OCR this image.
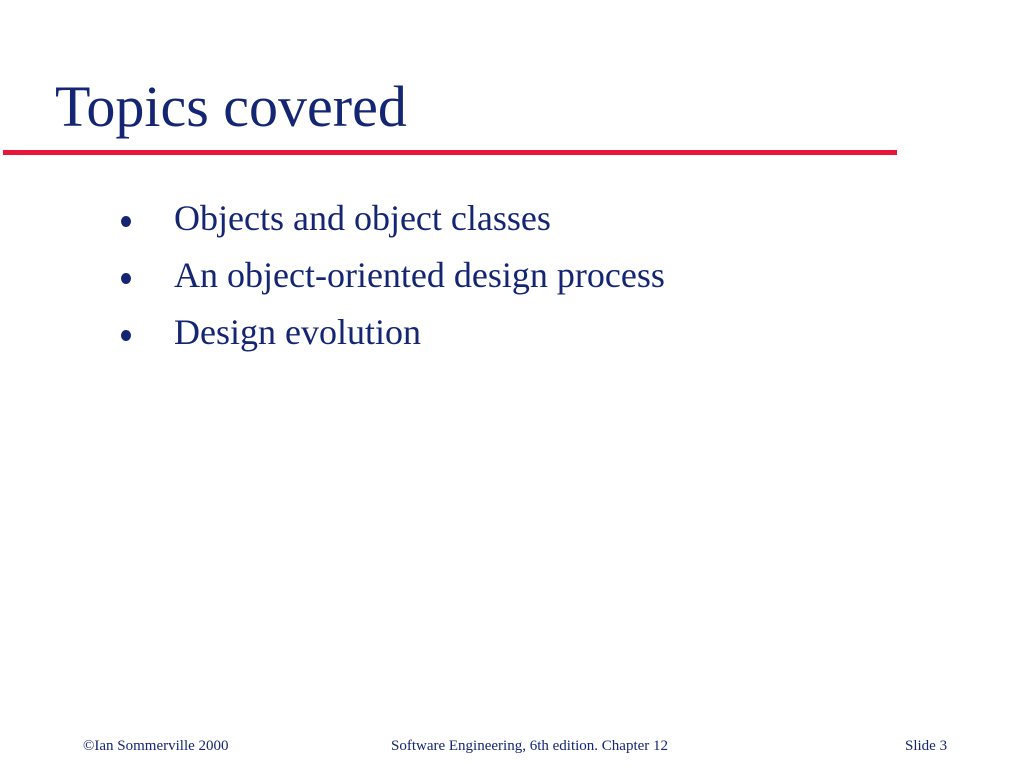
Topics covered
Objects and object classes
An object-oriented design process
Design evolution
©Ian Sommerville 2000	Software Engineering, 6th edition. Chapter 12	Slide 3
